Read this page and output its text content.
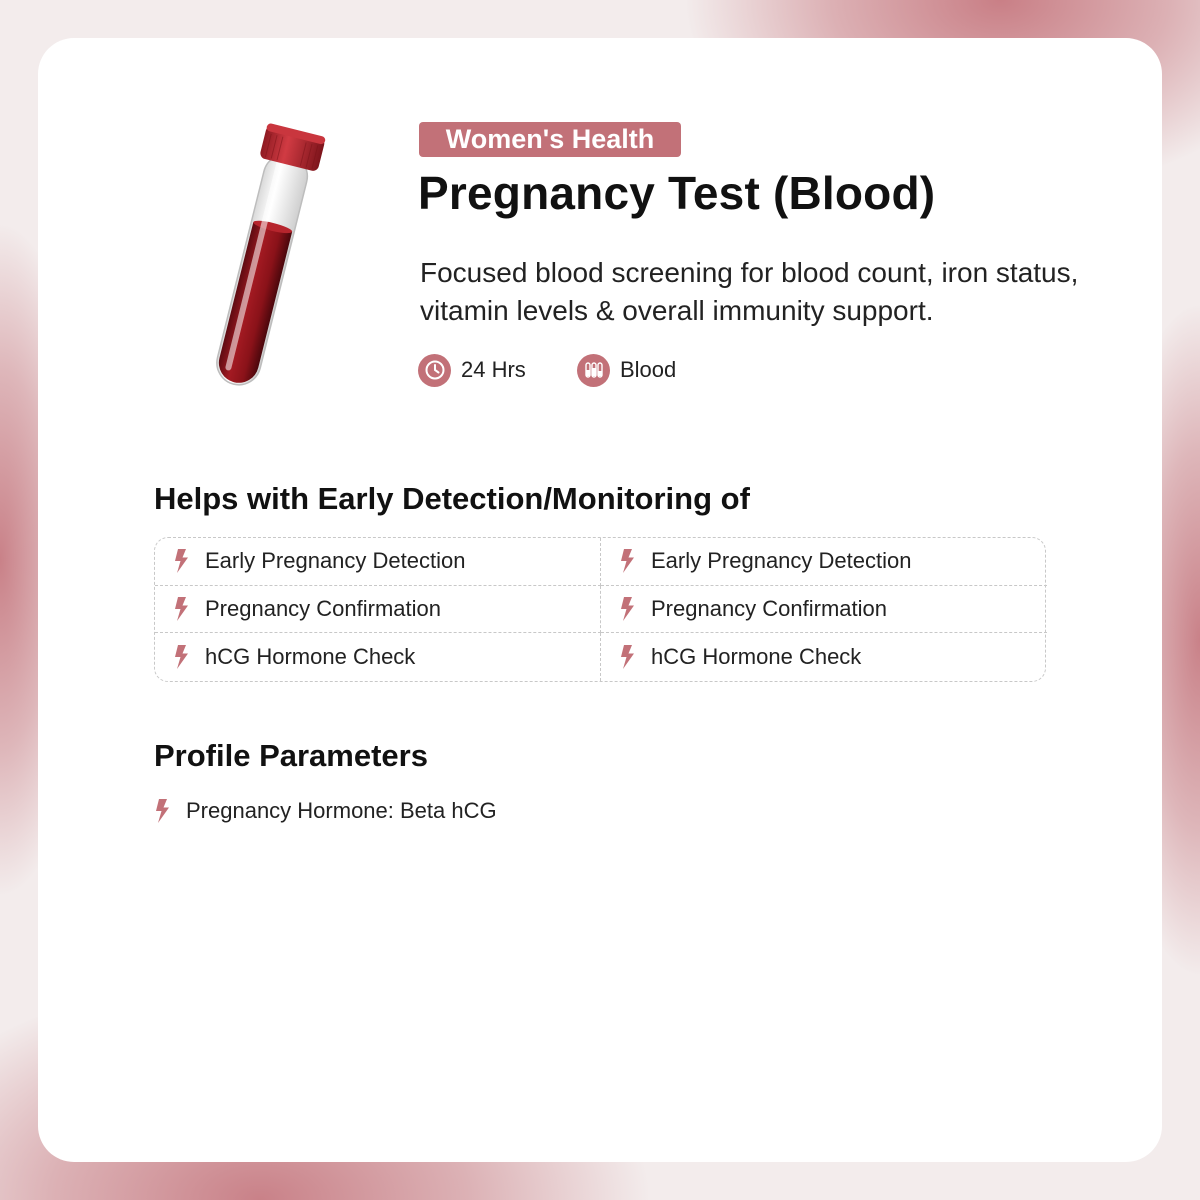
Women's Health
Pregnancy Test (Blood)

Focused blood screening for blood count, iron status, vitamin levels & overall immunity support.

24 Hrs	Blood
Helps with Early Detection/Monitoring of
Early Pregnancy Detection	Early Pregnancy Detection
Pregnancy Confirmation	Pregnancy Confirmation
hCG Hormone Check	hCG Hormone Check
Profile Parameters
Pregnancy Hormone: Beta hCG
